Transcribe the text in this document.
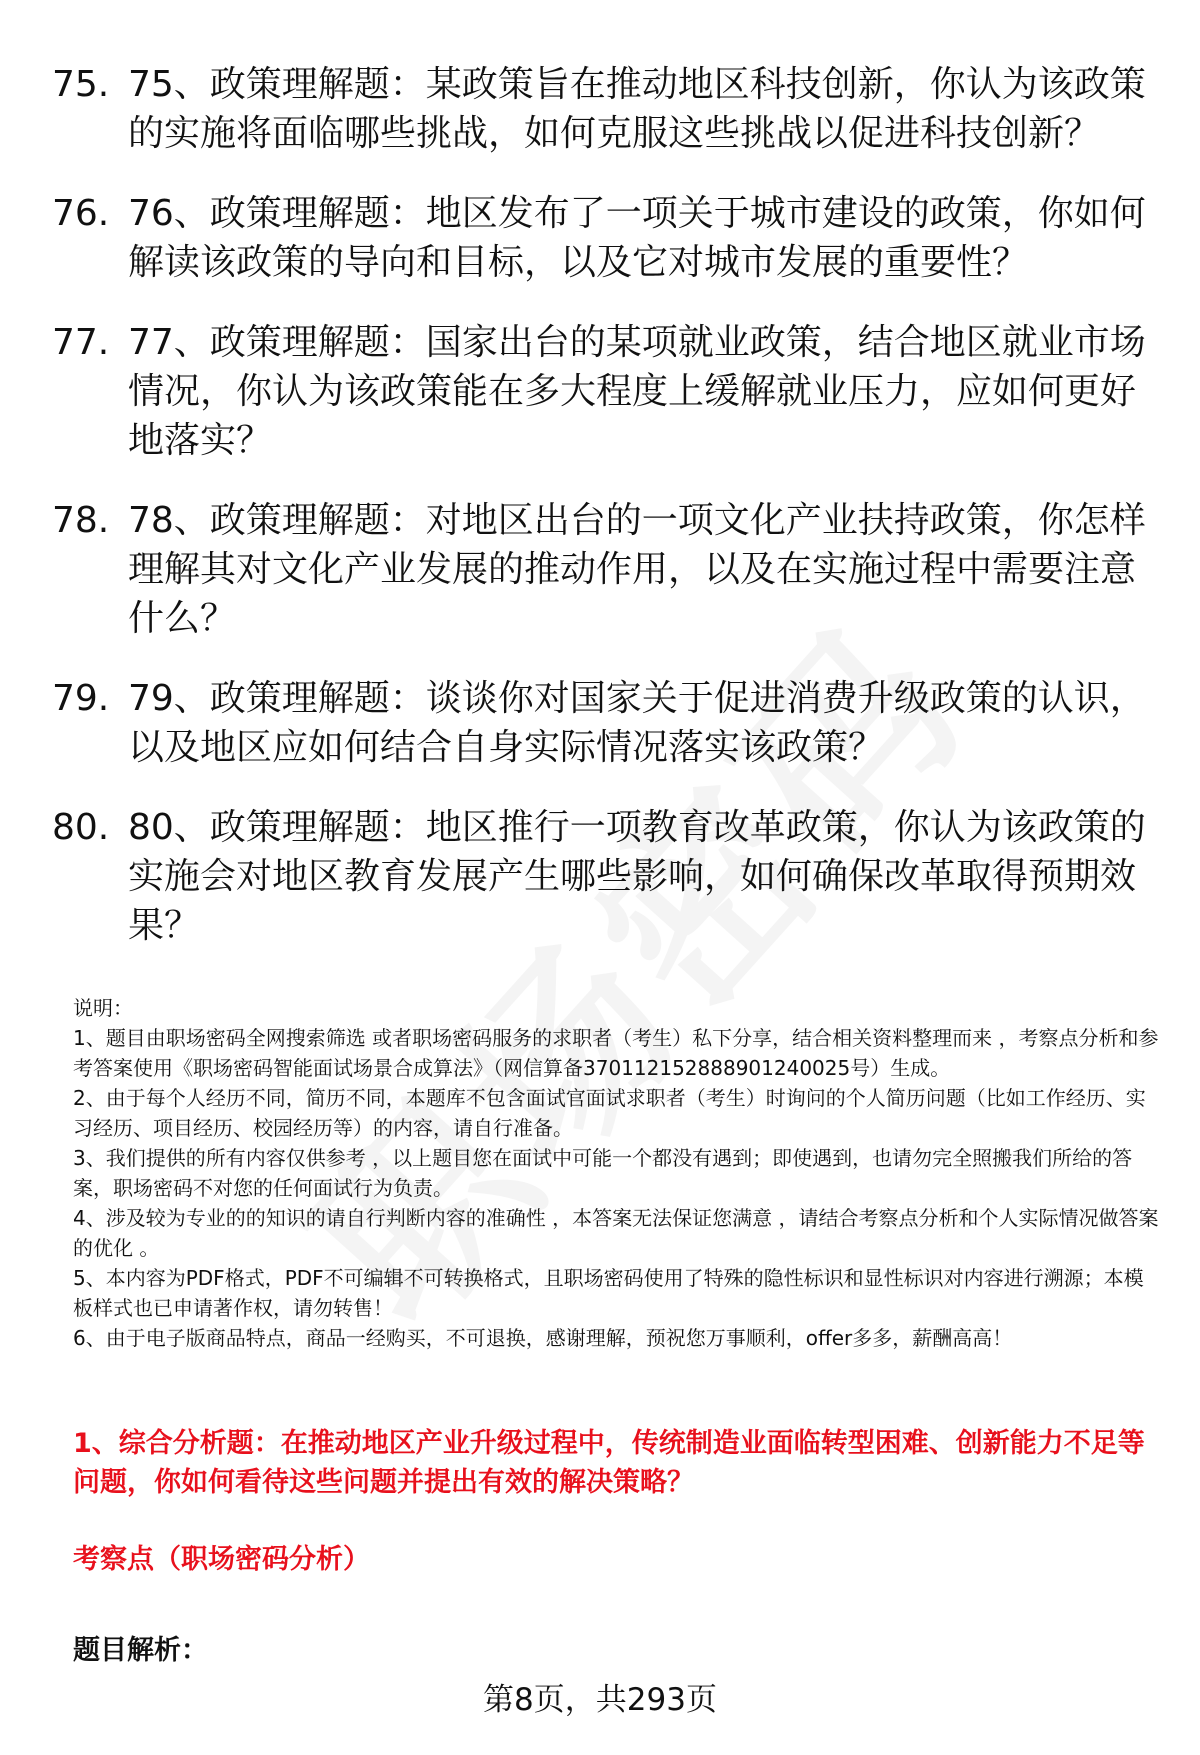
75. 75、政策理解题：某政策旨在推动地区科技创新，你认为该政策的实施将面临哪些挑战，如何克服这些挑战以促进科技创新？
76. 76、政策理解题：地区发布了一项关于城市建设的政策，你如何解读该政策的导向和目标，以及它对城市发展的重要性？
77. 77、政策理解题：国家出台的某项就业政策，结合地区就业市场情况，你认为该政策能在多大程度上缓解就业压力，应如何更好地落实？
78. 78、政策理解题：对地区出台的一项文化产业扶持政策，你怎样理解其对文化产业发展的推动作用，以及在实施过程中需要注意什么？
79. 79、政策理解题：谈谈你对国家关于促进消费升级政策的认识，以及地区应如何结合自身实际情况落实该政策？
80. 80、政策理解题：地区推行一项教育改革政策，你认为该政策的实施会对地区教育发展产生哪些影响，如何确保改革取得预期效果？

说明：

1、题目由职场密码全网搜索筛选 或者职场密码服务的求职者（考生）私下分享，结合相关资料整理而来 ，考察点分析和参考答案使用《职场密码智能面试场景合成算法》（网信算备370112152888901240025号）生成。

2、由于每个人经历不同，简历不同，本题库不包含面试官面试求职者（考生）时询问的个人简历问题（比如工作经历、实习经历、项目经历、校园经历等）的内容，请自行准备。

3、我们提供的所有内容仅供参考 ，以上题目您在面试中可能一个都没有遇到；即使遇到，也请勿完全照搬我们所给的答案，职场密码不对您的任何面试行为负责。

4、涉及较为专业的的知识的请自行判断内容的准确性 ，本答案无法保证您满意 ，请结合考察点分析和个人实际情况做答案的优化 。

5、本内容为PDF格式，PDF不可编辑不可转换格式，且职场密码使用了特殊的隐性标识和显性标识对内容进行溯源；本模板样式也已申请著作权，请勿转售！

6、由于电子版商品特点，商品一经购买，不可退换，感谢理解，预祝您万事顺利，offer多多，薪酬高高！

1、综合分析题：在推动地区产业升级过程中，传统制造业面临转型困难、创新能力不足等问题，你如何看待这些问题并提出有效的解决策略？
考察点（职场密码分析）
题目解析：
第8页，共293页
